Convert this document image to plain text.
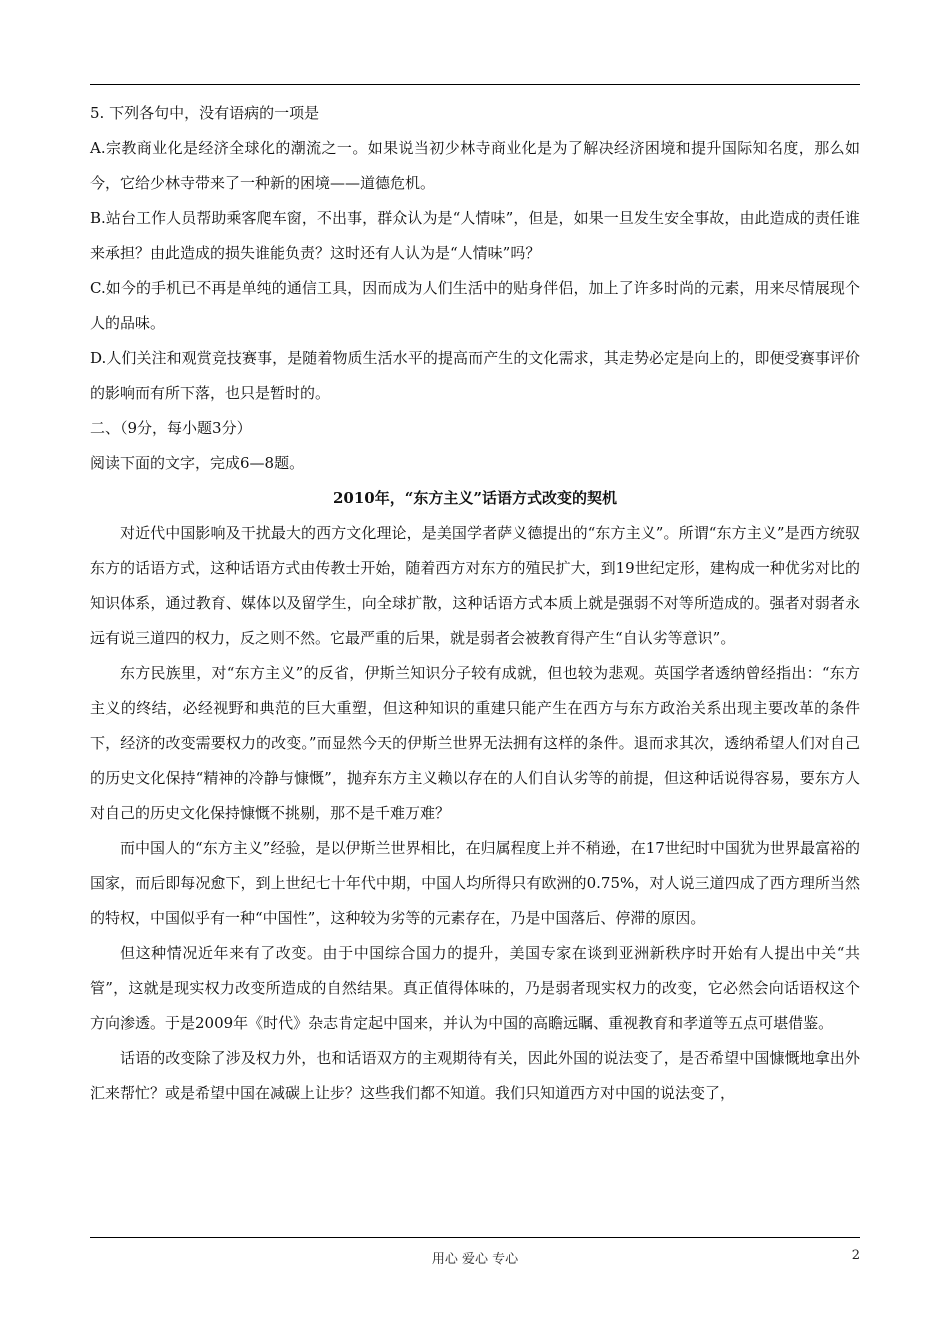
5. 下列各句中，没有语病的一项是

A.宗教商业化是经济全球化的潮流之一。如果说当初少林寺商业化是为了解决经济困境和提升国际知名度，那么如今，它给少林寺带来了一种新的困境——道德危机。

B.站台工作人员帮助乘客爬车窗，不出事，群众认为是“人情味”，但是，如果一旦发生安全事故，由此造成的责任谁来承担？由此造成的损失谁能负责？这时还有人认为是“人情味”吗？

C.如今的手机已不再是单纯的通信工具，因而成为人们生活中的贴身伴侣，加上了许多时尚的元素，用来尽情展现个人的品味。

D.人们关注和观赏竞技赛事，是随着物质生活水平的提高而产生的文化需求，其走势必定是向上的，即便受赛事评价的影响而有所下落，也只是暂时的。

二、（9分，每小题3分）

阅读下面的文字，完成6—8题。

2010年，“东方主义”话语方式改变的契机

对近代中国影响及干扰最大的西方文化理论，是美国学者萨义德提出的“东方主义”。所谓“东方主义”是西方统驭东方的话语方式，这种话语方式由传教士开始，随着西方对东方的殖民扩大，到19世纪定形，建构成一种优劣对比的知识体系，通过教育、媒体以及留学生，向全球扩散，这种话语方式本质上就是强弱不对等所造成的。强者对弱者永远有说三道四的权力，反之则不然。它最严重的后果，就是弱者会被教育得产生“自认劣等意识”。

东方民族里，对“东方主义”的反省，伊斯兰知识分子较有成就，但也较为悲观。英国学者透纳曾经指出：“东方主义的终结，必经视野和典范的巨大重塑，但这种知识的重建只能产生在西方与东方政治关系出现主要改革的条件下，经济的改变需要权力的改变。”而显然今天的伊斯兰世界无法拥有这样的条件。退而求其次，透纳希望人们对自己的历史文化保持“精神的冷静与慷慨”，抛弃东方主义赖以存在的人们自认劣等的前提，但这种话说得容易，要东方人对自己的历史文化保持慷慨不挑剔，那不是千难万难？

而中国人的“东方主义”经验，是以伊斯兰世界相比，在归属程度上并不稍逊，在17世纪时中国犹为世界最富裕的国家，而后即每况愈下，到上世纪七十年代中期，中国人均所得只有欧洲的0.75%，对人说三道四成了西方理所当然的特权，中国似乎有一种“中国性”，这种较为劣等的元素存在，乃是中国落后、停滞的原因。

但这种情况近年来有了改变。由于中国综合国力的提升，美国专家在谈到亚洲新秩序时开始有人提出中关“共管”，这就是现实权力改变所造成的自然结果。真正值得体味的，乃是弱者现实权力的改变，它必然会向话语权这个方向渗透。于是2009年《时代》杂志肯定起中国来，并认为中国的高瞻远瞩、重视教育和孝道等五点可堪借鉴。

话语的改变除了涉及权力外，也和话语双方的主观期待有关，因此外国的说法变了，是否希望中国慷慨地拿出外汇来帮忙？或是希望中国在减碳上让步？这些我们都不知道。我们只知道西方对中国的说法变了，

用心 爱心 专心	2
